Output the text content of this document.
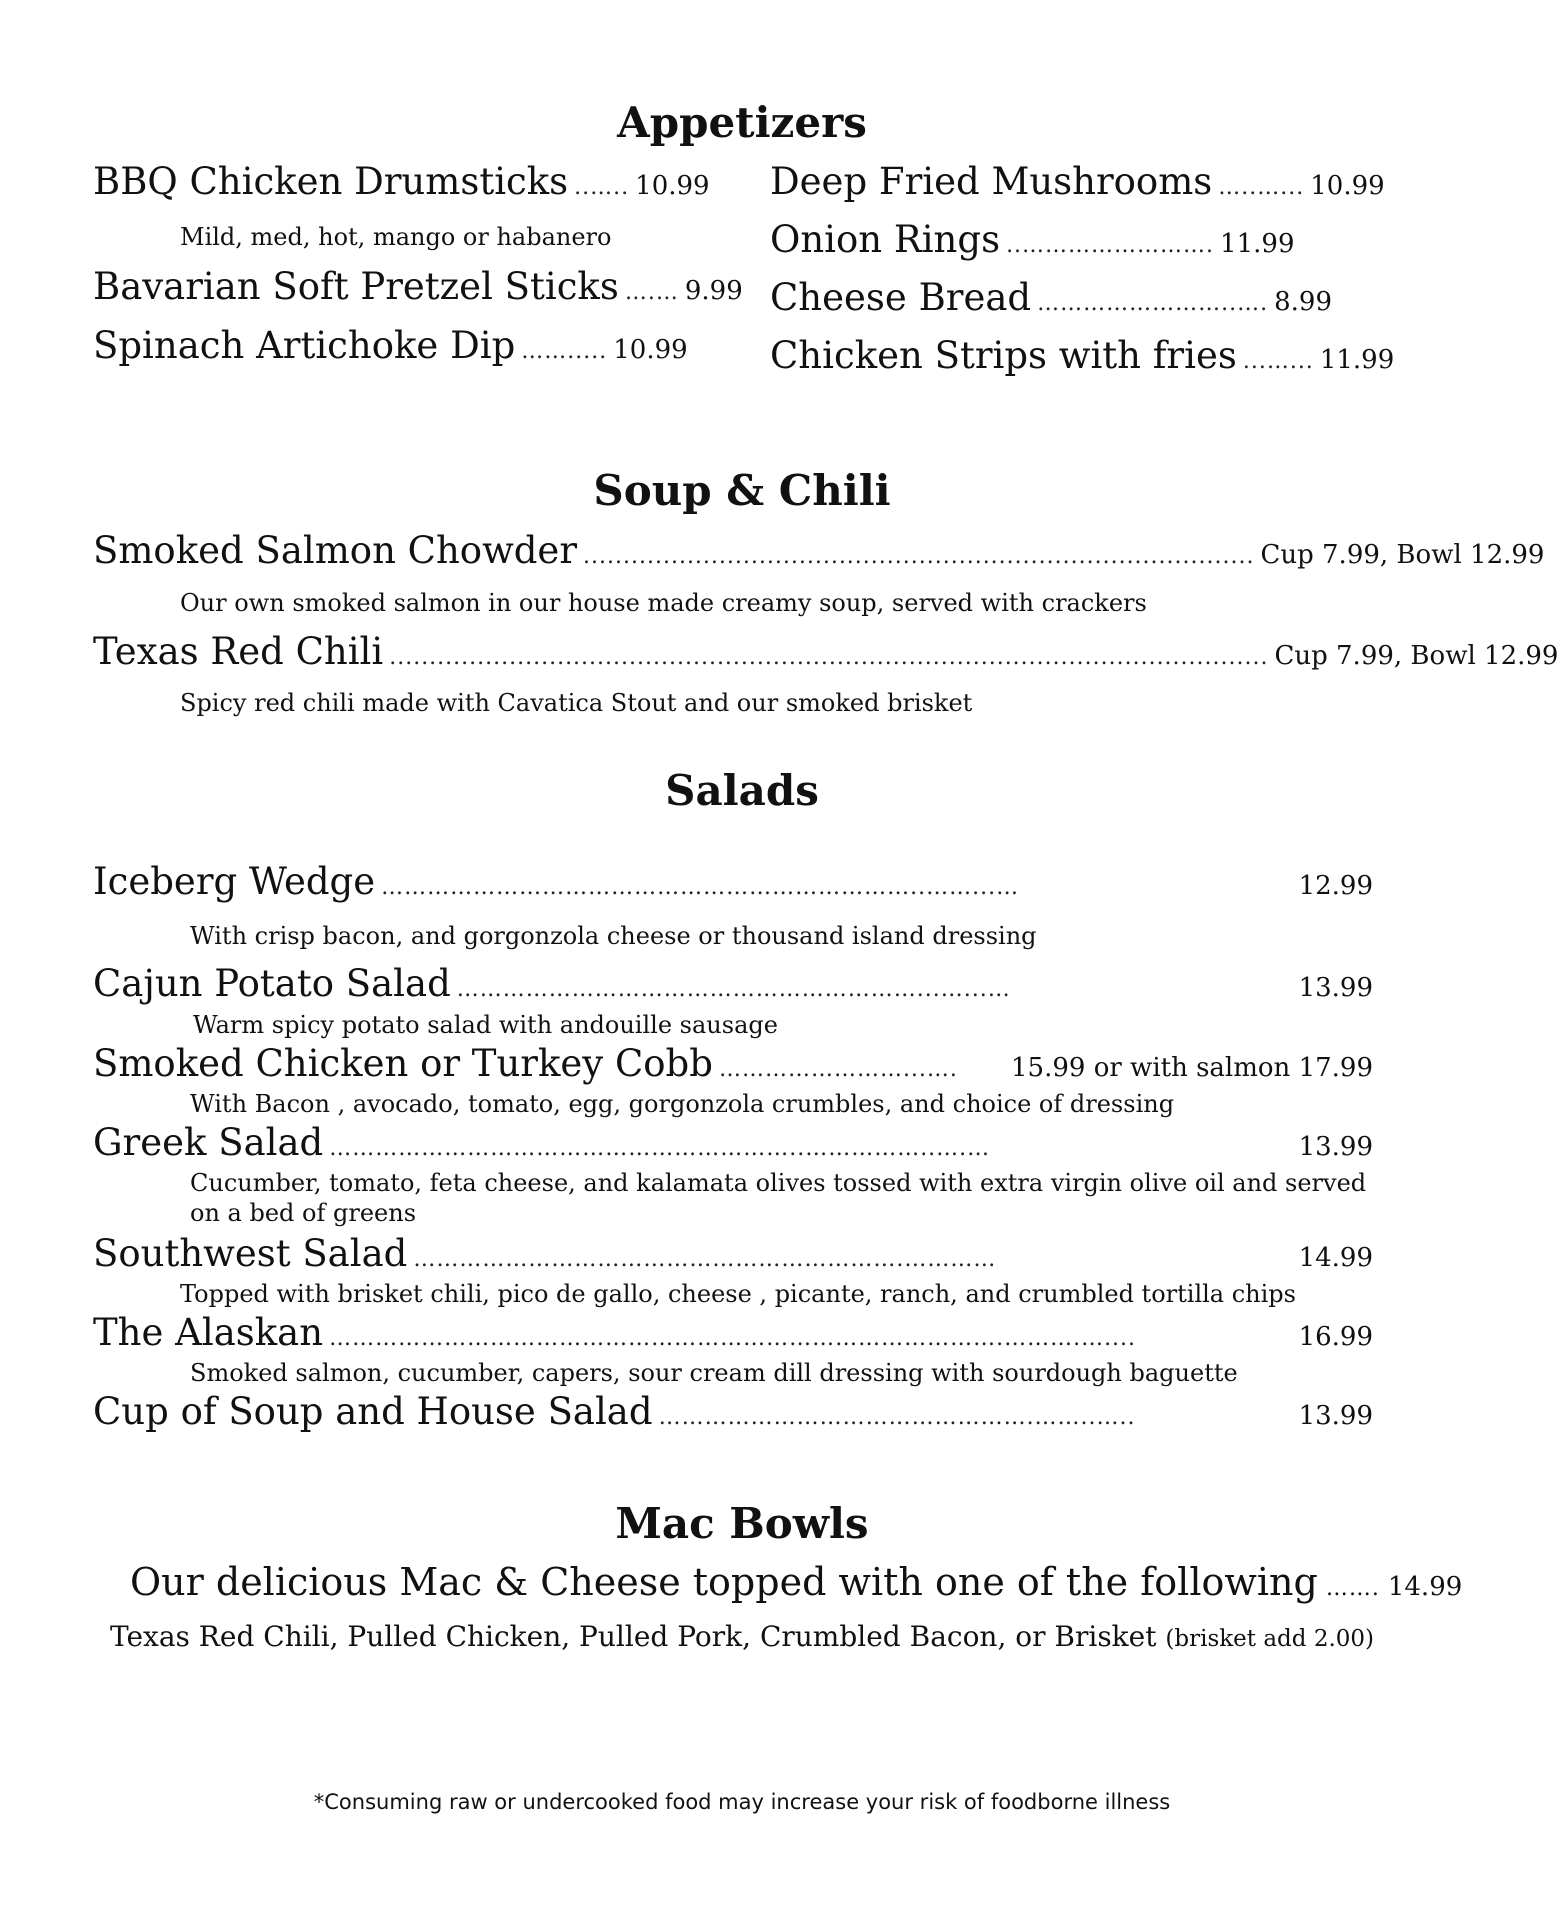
Appetizers
BBQ Chicken Drumsticks ..….. 10.99
Mild, med, hot, mango or habanero
Bavarian Soft Pretzel Sticks ….… 9.99
Spinach Artichoke Dip ……..... 10.99
Deep Fried Mushrooms …..…... 10.99
Onion Rings ..……………………. 11.99
Cheese Bread ……………………..…. 8.99
Chicken Strips with fries ...…... 11.99
Soup & Chili
Smoked Salmon Chowder .................................................................................... Cup 7.99, Bowl 12.99
Our own smoked salmon in our house made creamy soup, served with crackers
Texas Red Chili .............................................................................................................. Cup 7.99, Bowl 12.99
Spicy red chili made with Cavatica Stout and our smoked brisket
Salads
Iceberg Wedge ……………………………………………………………..……...…	12.99
With crisp bacon, and gorgonzola cheese or thousand island dressing
Cajun Potato Salad ……………………………………………………...…...…	13.99
Warm spicy potato salad with andouille sausage
Smoked Chicken or Turkey Cobb ……………………...….	15.99 or with salmon 17.99
With Bacon , avocado, tomato, egg, gorgonzola crumbles, and choice of dressing
Greek Salad ……………………………………………………..……………..….…	13.99
Cucumber, tomato, feta cheese, and kalamata olives tossed with extra virgin olive oil and served on a bed of greens
Southwest Salad ……………………………………………………….…………	14.99
Topped with brisket chili, pico de gallo, cheese , picante, ranch, and crumbled tortilla chips
The Alaskan …………………………………………………………………………….……….…....	16.99
Smoked salmon, cucumber, capers, sour cream dill dressing with sourdough baguette
Cup of Soup and House Salad ………………………………………….……..…..	13.99
Mac Bowls
Our delicious Mac & Cheese topped with one of the following ……. 14.99
Texas Red Chili, Pulled Chicken, Pulled Pork, Crumbled Bacon, or Brisket (brisket add 2.00)
*Consuming raw or undercooked food may increase your risk of foodborne illness
